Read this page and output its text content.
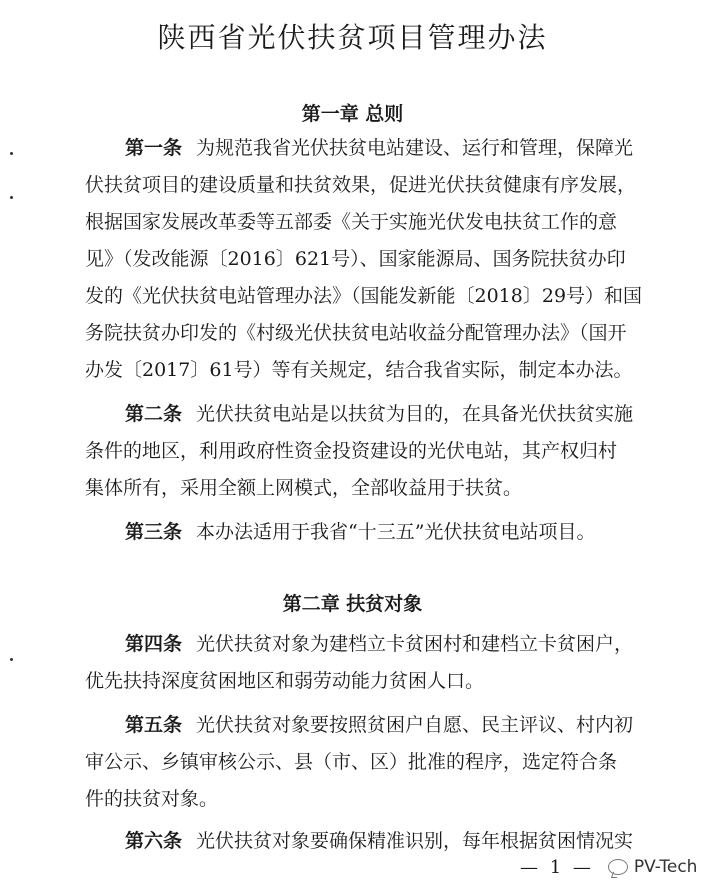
陕西省光伏扶贫项目管理办法
第一章 总则
第一条 为规范我省光伏扶贫电站建设、运行和管理，保障光
伏扶贫项目的建设质量和扶贫效果，促进光伏扶贫健康有序发展，
根据国家发展改革委等五部委《关于实施光伏发电扶贫工作的意
见》（发改能源〔2016〕621号）、国家能源局、国务院扶贫办印
发的《光伏扶贫电站管理办法》（国能发新能〔2018〕29号）和国
务院扶贫办印发的《村级光伏扶贫电站收益分配管理办法》（国开
办发〔2017〕61号）等有关规定，结合我省实际，制定本办法。
第二条 光伏扶贫电站是以扶贫为目的，在具备光伏扶贫实施
条件的地区，利用政府性资金投资建设的光伏电站，其产权归村
集体所有，采用全额上网模式，全部收益用于扶贫。
第三条 本办法适用于我省“十三五”光伏扶贫电站项目。
第二章 扶贫对象
第四条 光伏扶贫对象为建档立卡贫困村和建档立卡贫困户，
优先扶持深度贫困地区和弱劳动能力贫困人口。
第五条 光伏扶贫对象要按照贫困户自愿、民主评议、村内初
审公示、乡镇审核公示、县（市、区）批准的程序，选定符合条
件的扶贫对象。
第六条 光伏扶贫对象要确保精准识别，每年根据贫困情况实
— 1 — PV-Tech
